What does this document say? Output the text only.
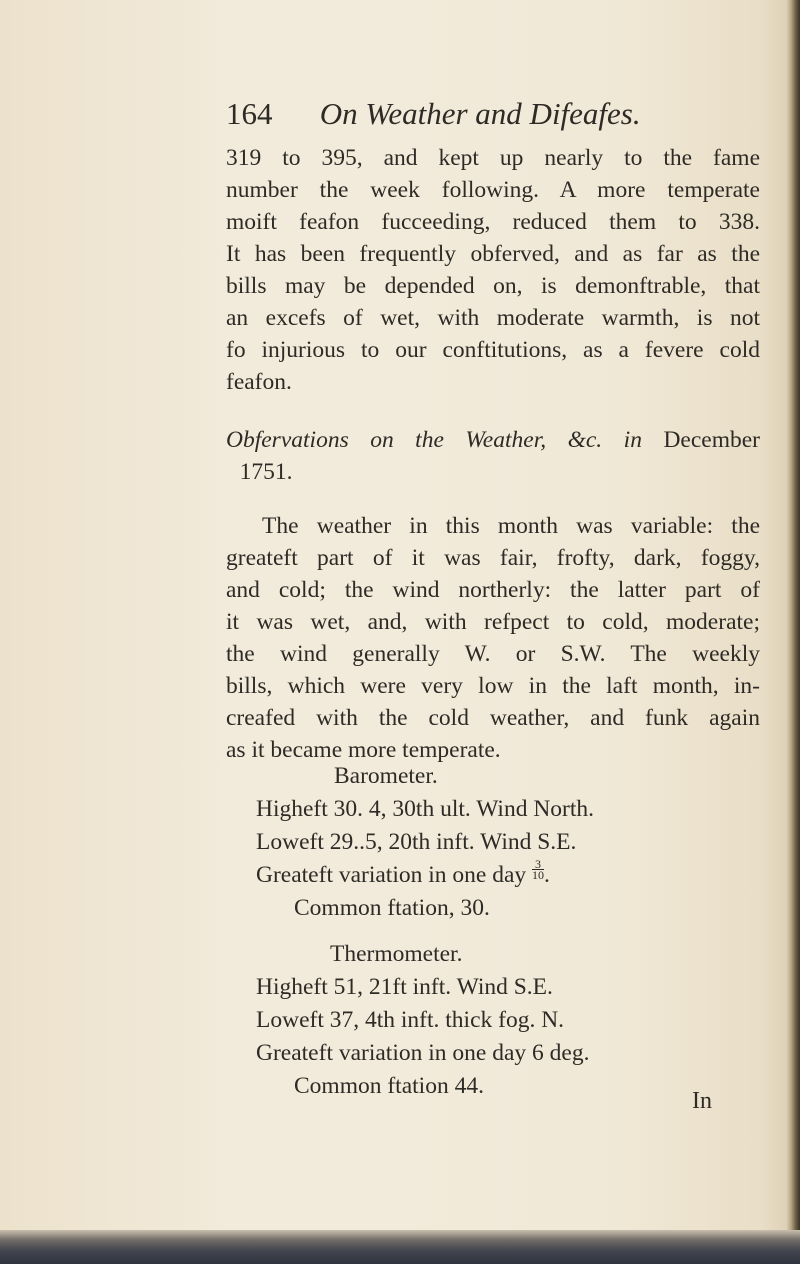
164 On Weather and Difeafes.
319 to 395, and kept up nearly to the fame
number the week following. A more temperate
moift feafon fucceeding, reduced them to 338.
It has been frequently obferved, and as far as the
bills may be depended on, is demonftrable, that
an excefs of wet, with moderate warmth, is not
fo injurious to our conftitutions, as a fevere cold
feafon.
Obfervations on the Weather, &c. in December
1751.
The weather in this month was variable: the
greateft part of it was fair, frofty, dark, foggy,
and cold; the wind northerly: the latter part of
it was wet, and, with refpect to cold, moderate;
the wind generally W. or S.W. The weekly
bills, which were very low in the laft month, in-
creafed with the cold weather, and funk again
as it became more temperate.
Barometer.
Higheft 30. 4, 30th ult. Wind North.
Loweft 29..5, 20th inft. Wind S.E.
Greateft variation in one day $\frac{3}{10}$ .
Common ftation, 30.
Thermometer.
Higheft 51, 21ft inft. Wind S.E.
Loweft 37, 4th inft. thick fog. N.
Greateft variation in one day 6 deg.
Common ftation 44.
In
